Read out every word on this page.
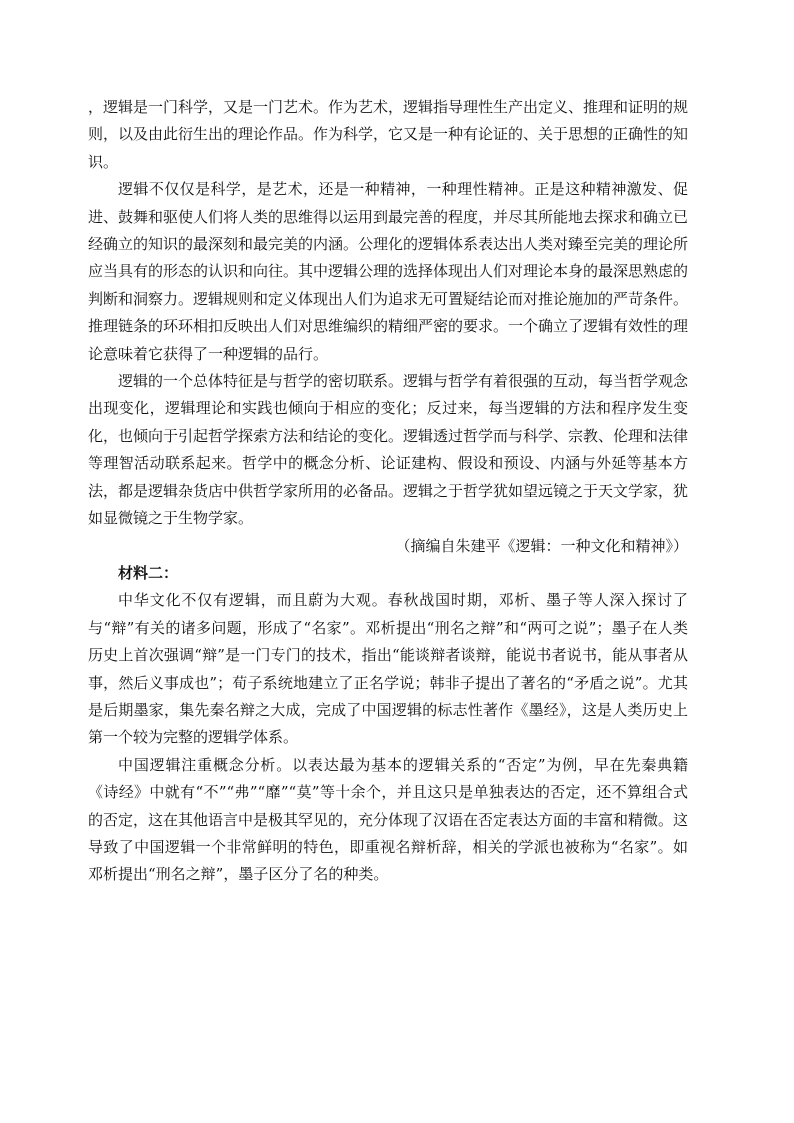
，逻辑是一门科学，又是一门艺术。作为艺术，逻辑指导理性生产出定义、推理和证明的规则，以及由此衍生出的理论作品。作为科学，它又是一种有论证的、关于思想的正确性的知识。

逻辑不仅仅是科学，是艺术，还是一种精神，一种理性精神。正是这种精神激发、促进、鼓舞和驱使人们将人类的思维得以运用到最完善的程度，并尽其所能地去探求和确立已经确立的知识的最深刻和最完美的内涵。公理化的逻辑体系表达出人类对臻至完美的理论所应当具有的形态的认识和向往。其中逻辑公理的选择体现出人们对理论本身的最深思熟虑的判断和洞察力。逻辑规则和定义体现出人们为追求无可置疑结论而对推论施加的严苛条件。推理链条的环环相扣反映出人们对思维编织的精细严密的要求。一个确立了逻辑有效性的理论意味着它获得了一种逻辑的品行。

逻辑的一个总体特征是与哲学的密切联系。逻辑与哲学有着很强的互动，每当哲学观念出现变化，逻辑理论和实践也倾向于相应的变化；反过来，每当逻辑的方法和程序发生变化，也倾向于引起哲学探索方法和结论的变化。逻辑透过哲学而与科学、宗教、伦理和法律等理智活动联系起来。哲学中的概念分析、论证建构、假设和预设、内涵与外延等基本方法，都是逻辑杂货店中供哲学家所用的必备品。逻辑之于哲学犹如望远镜之于天文学家，犹如显微镜之于生物学家。

（摘编自朱建平《逻辑：一种文化和精神》）

材料二：

中华文化不仅有逻辑，而且蔚为大观。春秋战国时期，邓析、墨子等人深入探讨了与“辩”有关的诸多问题，形成了“名家”。邓析提出“刑名之辩”和“两可之说”；墨子在人类历史上首次强调“辩”是一门专门的技术，指出“能谈辩者谈辩，能说书者说书，能从事者从事，然后义事成也”；荀子系统地建立了正名学说；韩非子提出了著名的“矛盾之说”。尤其是后期墨家，集先秦名辩之大成，完成了中国逻辑的标志性著作《墨经》，这是人类历史上第一个较为完整的逻辑学体系。

中国逻辑注重概念分析。以表达最为基本的逻辑关系的“否定”为例，早在先秦典籍《诗经》中就有“不”“弗”“靡”“莫”等十余个，并且这只是单独表达的否定，还不算组合式的否定，这在其他语言中是极其罕见的，充分体现了汉语在否定表达方面的丰富和精微。这导致了中国逻辑一个非常鲜明的特色，即重视名辩析辞，相关的学派也被称为“名家”。如邓析提出“刑名之辩”，墨子区分了名的种类。
